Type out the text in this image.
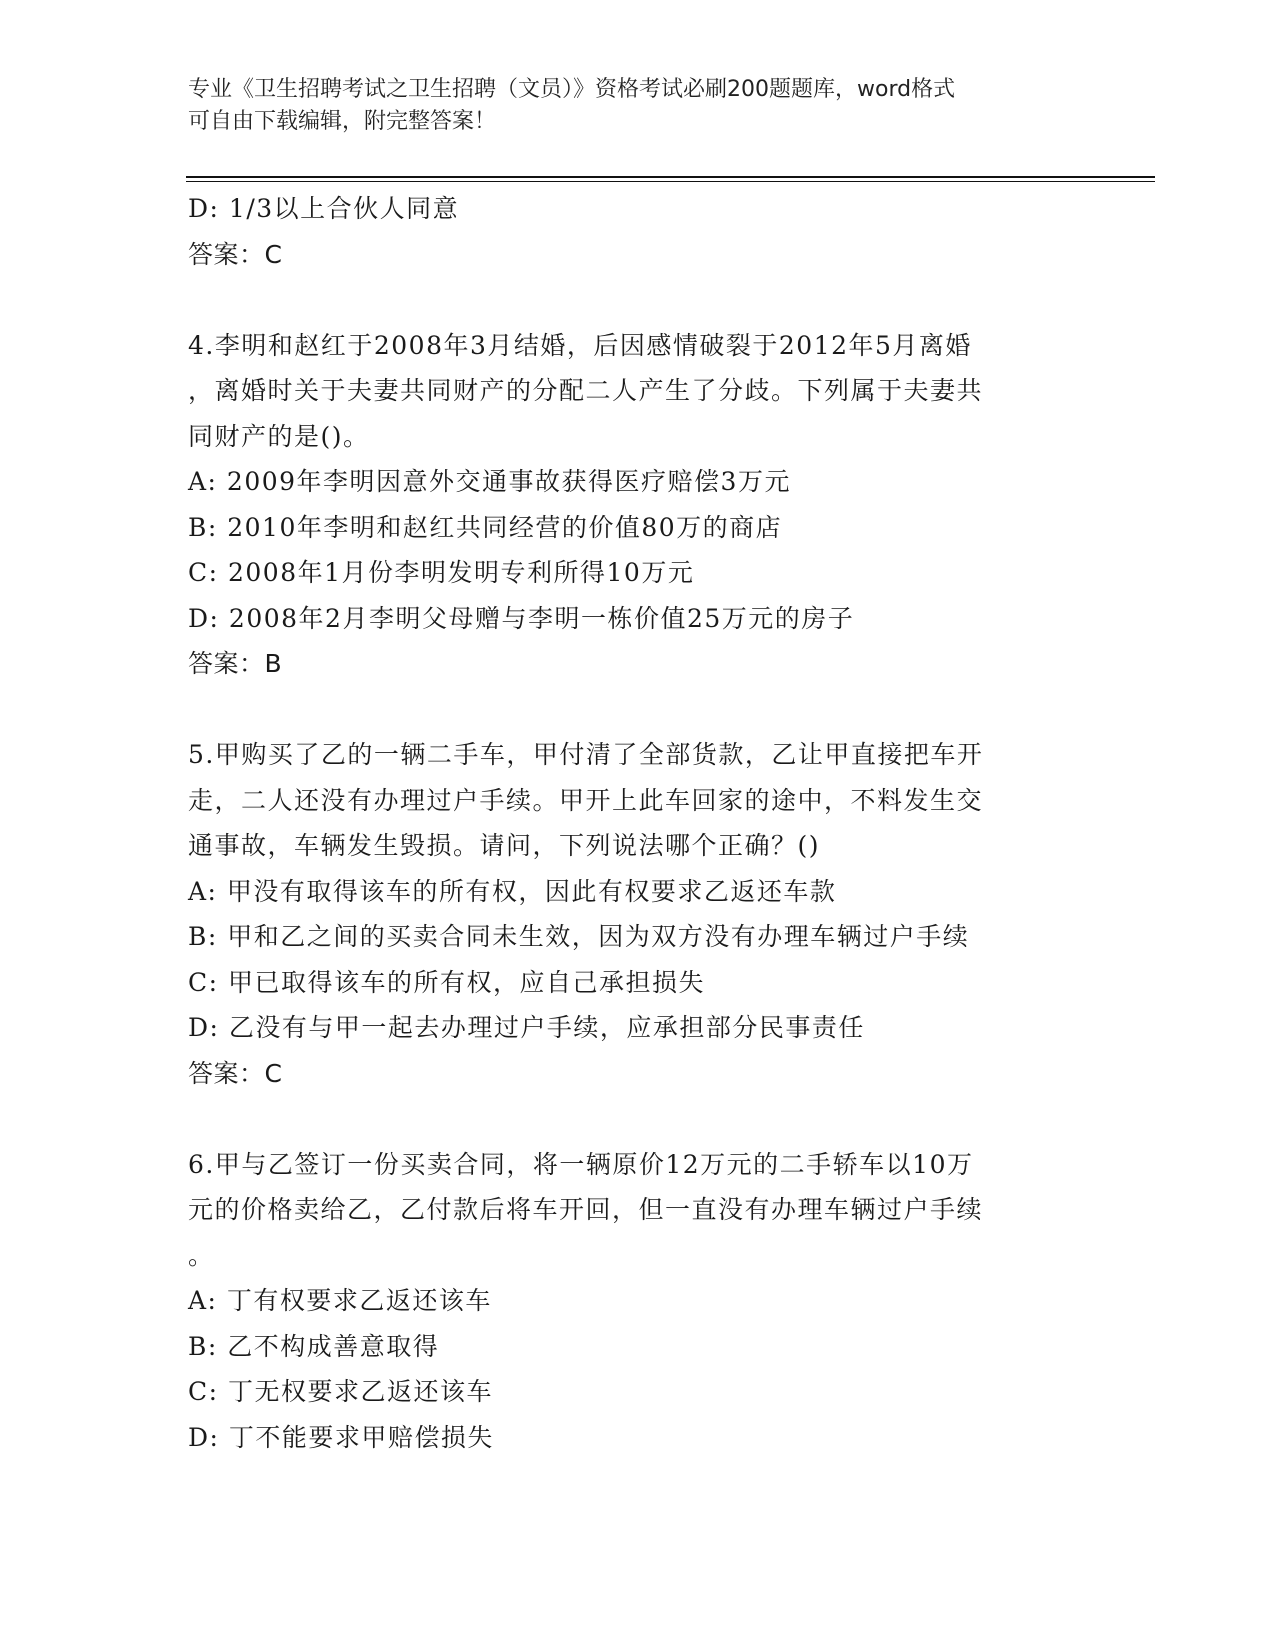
专业《卫生招聘考试之卫生招聘（文员）》资格考试必刷200题题库，word格式
可自由下载编辑，附完整答案！
D: 1/3以上合伙人同意
答案：C
4.李明和赵红于2008年3月结婚，后因感情破裂于2012年5月离婚
，离婚时关于夫妻共同财产的分配二人产生了分歧。下列属于夫妻共
同财产的是()。
A: 2009年李明因意外交通事故获得医疗赔偿3万元
B: 2010年李明和赵红共同经营的价值80万的商店
C: 2008年1月份李明发明专利所得10万元
D: 2008年2月李明父母赠与李明一栋价值25万元的房子
答案：B
5.甲购买了乙的一辆二手车，甲付清了全部货款，乙让甲直接把车开
走，二人还没有办理过户手续。甲开上此车回家的途中，不料发生交
通事故，车辆发生毁损。请问，下列说法哪个正确？()
A: 甲没有取得该车的所有权，因此有权要求乙返还车款
B: 甲和乙之间的买卖合同未生效，因为双方没有办理车辆过户手续
C: 甲已取得该车的所有权，应自己承担损失
D: 乙没有与甲一起去办理过户手续，应承担部分民事责任
答案：C
6.甲与乙签订一份买卖合同，将一辆原价12万元的二手轿车以10万
元的价格卖给乙，乙付款后将车开回，但一直没有办理车辆过户手续
。
A: 丁有权要求乙返还该车
B: 乙不构成善意取得
C: 丁无权要求乙返还该车
D: 丁不能要求甲赔偿损失
